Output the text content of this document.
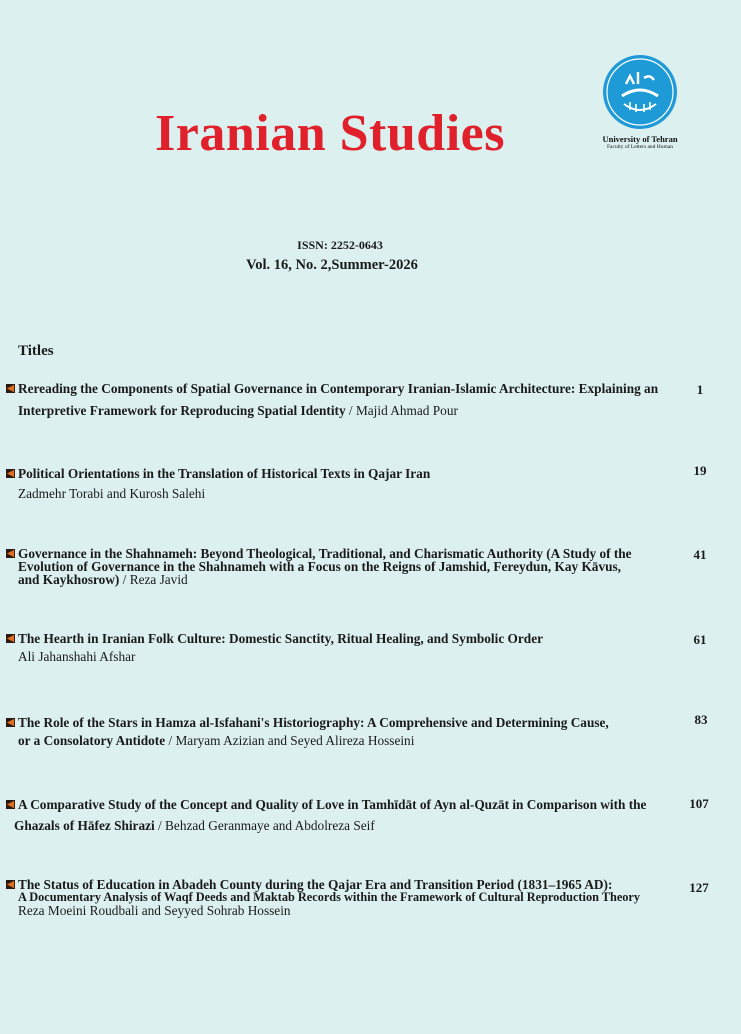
Iranian Studies	University of Tehran
Faculty of Letters and Human
ISSN: 2252-0643
Vol. 16, No. 2,Summer-2026
Titles
Rereading the Components of Spatial Governance in Contemporary Iranian-Islamic Architecture: Explaining an
Interpretive Framework for Reproducing Spatial Identity / Majid Ahmad Pour
1
Political Orientations in the Translation of Historical Texts in Qajar Iran
Zadmehr Torabi and Kurosh Salehi
19
Governance in the Shahnameh: Beyond Theological, Traditional, and Charismatic Authority (A Study of the
Evolution of Governance in the Shahnameh with a Focus on the Reigns of Jamshid, Fereydun, Kay Kāvus,
and Kaykhosrow) / Reza Javid
41
The Hearth in Iranian Folk Culture: Domestic Sanctity, Ritual Healing, and Symbolic Order
Ali Jahanshahi Afshar
61
The Role of the Stars in Hamza al-Isfahani's Historiography: A Comprehensive and Determining Cause,
or a Consolatory Antidote / Maryam Azizian and Seyed Alireza Hosseini
83
A Comparative Study of the Concept and Quality of Love in Tamhīdāt of Ayn al-Quzāt in Comparison with the
Ghazals of Hāfez Shirazi / Behzad Geranmaye and Abdolreza Seif
107
The Status of Education in Abadeh County during the Qajar Era and Transition Period (1831–1965 AD):
A Documentary Analysis of Waqf Deeds and Maktab Records within the Framework of Cultural Reproduction Theory
Reza Moeini Roudbali and Seyyed Sohrab Hossein
127
